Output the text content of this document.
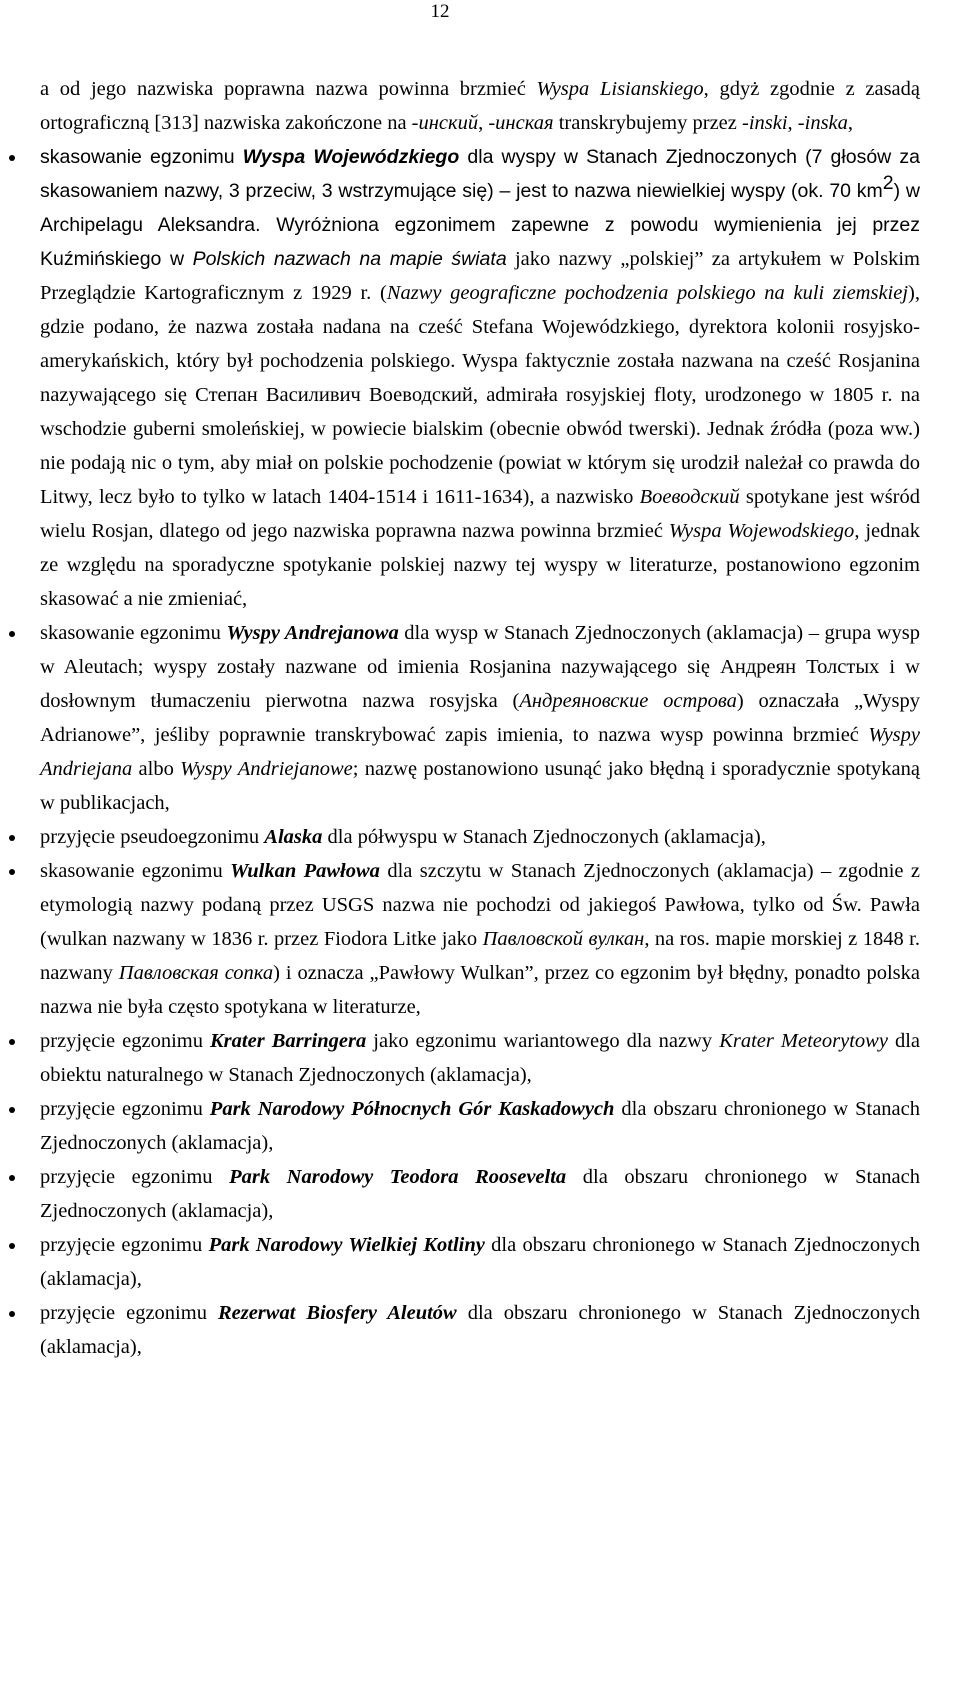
12

a od jego nazwiska poprawna nazwa powinna brzmieć Wyspa Lisianskiego, gdyż zgodnie z zasadą ortograficzną [313] nazwiska zakończone na -инский, -инская transkrybujemy przez -inski, -inska,

skasowanie egzonimu Wyspa Wojewódzkiego dla wyspy w Stanach Zjednoczonych (7 głosów za skasowaniem nazwy, 3 przeciw, 3 wstrzymujące się) – jest to nazwa niewielkiej wyspy (ok. 70 $km^2$) w Archipelagu Aleksandra. Wyróżniona egzonimem zapewne z powodu wymienienia jej przez Kuźmińskiego w Polskich nazwach na mapie świata jako nazwy „polskiej” za artykułem w Polskim Przeglądzie Kartograficznym z 1929 r. (Nazwy geograficzne pochodzenia polskiego na kuli ziemskiej), gdzie podano, że nazwa została nadana na cześć Stefana Wojewódzkiego, dyrektora kolonii rosyjsko-amerykańskich, który był pochodzenia polskiego. Wyspa faktycznie została nazwana na cześć Rosjanina nazywającego się Степан Василивич Воеводский, admirała rosyjskiej floty, urodzonego w 1805 r. na wschodzie guberni smoleńskiej, w powiecie bialskim (obecnie obwód twerski). Jednak źródła (poza ww.) nie podają nic o tym, aby miał on polskie pochodzenie (powiat w którym się urodził należał co prawda do Litwy, lecz było to tylko w latach 1404-1514 i 1611-1634), a nazwisko Воеводский spotykane jest wśród wielu Rosjan, dlatego od jego nazwiska poprawna nazwa powinna brzmieć Wyspa Wojewodskiego, jednak ze względu na sporadyczne spotykanie polskiej nazwy tej wyspy w literaturze, postanowiono egzonim skasować a nie zmieniać,
skasowanie egzonimu Wyspy Andrejanowa dla wysp w Stanach Zjednoczonych (aklamacja) – grupa wysp w Aleutach; wyspy zostały nazwane od imienia Rosjanina nazywającego się Андреян Толстых i w dosłownym tłumaczeniu pierwotna nazwa rosyjska (Андреяновские острова) oznaczała „Wyspy Adrianowe”, jeśliby poprawnie transkrybować zapis imienia, to nazwa wysp powinna brzmieć Wyspy Andriejana albo Wyspy Andriejanowe; nazwę postanowiono usunąć jako błędną i sporadycznie spotykaną w publikacjach,
przyjęcie pseudoegzonimu Alaska dla półwyspu w Stanach Zjednoczonych (aklamacja),
skasowanie egzonimu Wulkan Pawłowa dla szczytu w Stanach Zjednoczonych (aklamacja) – zgodnie z etymologią nazwy podaną przez USGS nazwa nie pochodzi od jakiegoś Pawłowa, tylko od Św. Pawła (wulkan nazwany w 1836 r. przez Fiodora Litke jako Павловской вулкан, na ros. mapie morskiej z 1848 r. nazwany Павловская сопка) i oznacza „Pawłowy Wulkan”, przez co egzonim był błędny, ponadto polska nazwa nie była często spotykana w literaturze,
przyjęcie egzonimu Krater Barringera jako egzonimu wariantowego dla nazwy Krater Meteorytowy dla obiektu naturalnego w Stanach Zjednoczonych (aklamacja),
przyjęcie egzonimu Park Narodowy Północnych Gór Kaskadowych dla obszaru chronionego w Stanach Zjednoczonych (aklamacja),
przyjęcie egzonimu Park Narodowy Teodora Roosevelta dla obszaru chronionego w Stanach Zjednoczonych (aklamacja),
przyjęcie egzonimu Park Narodowy Wielkiej Kotliny dla obszaru chronionego w Stanach Zjednoczonych (aklamacja),
przyjęcie egzonimu Rezerwat Biosfery Aleutów dla obszaru chronionego w Stanach Zjednoczonych (aklamacja),
